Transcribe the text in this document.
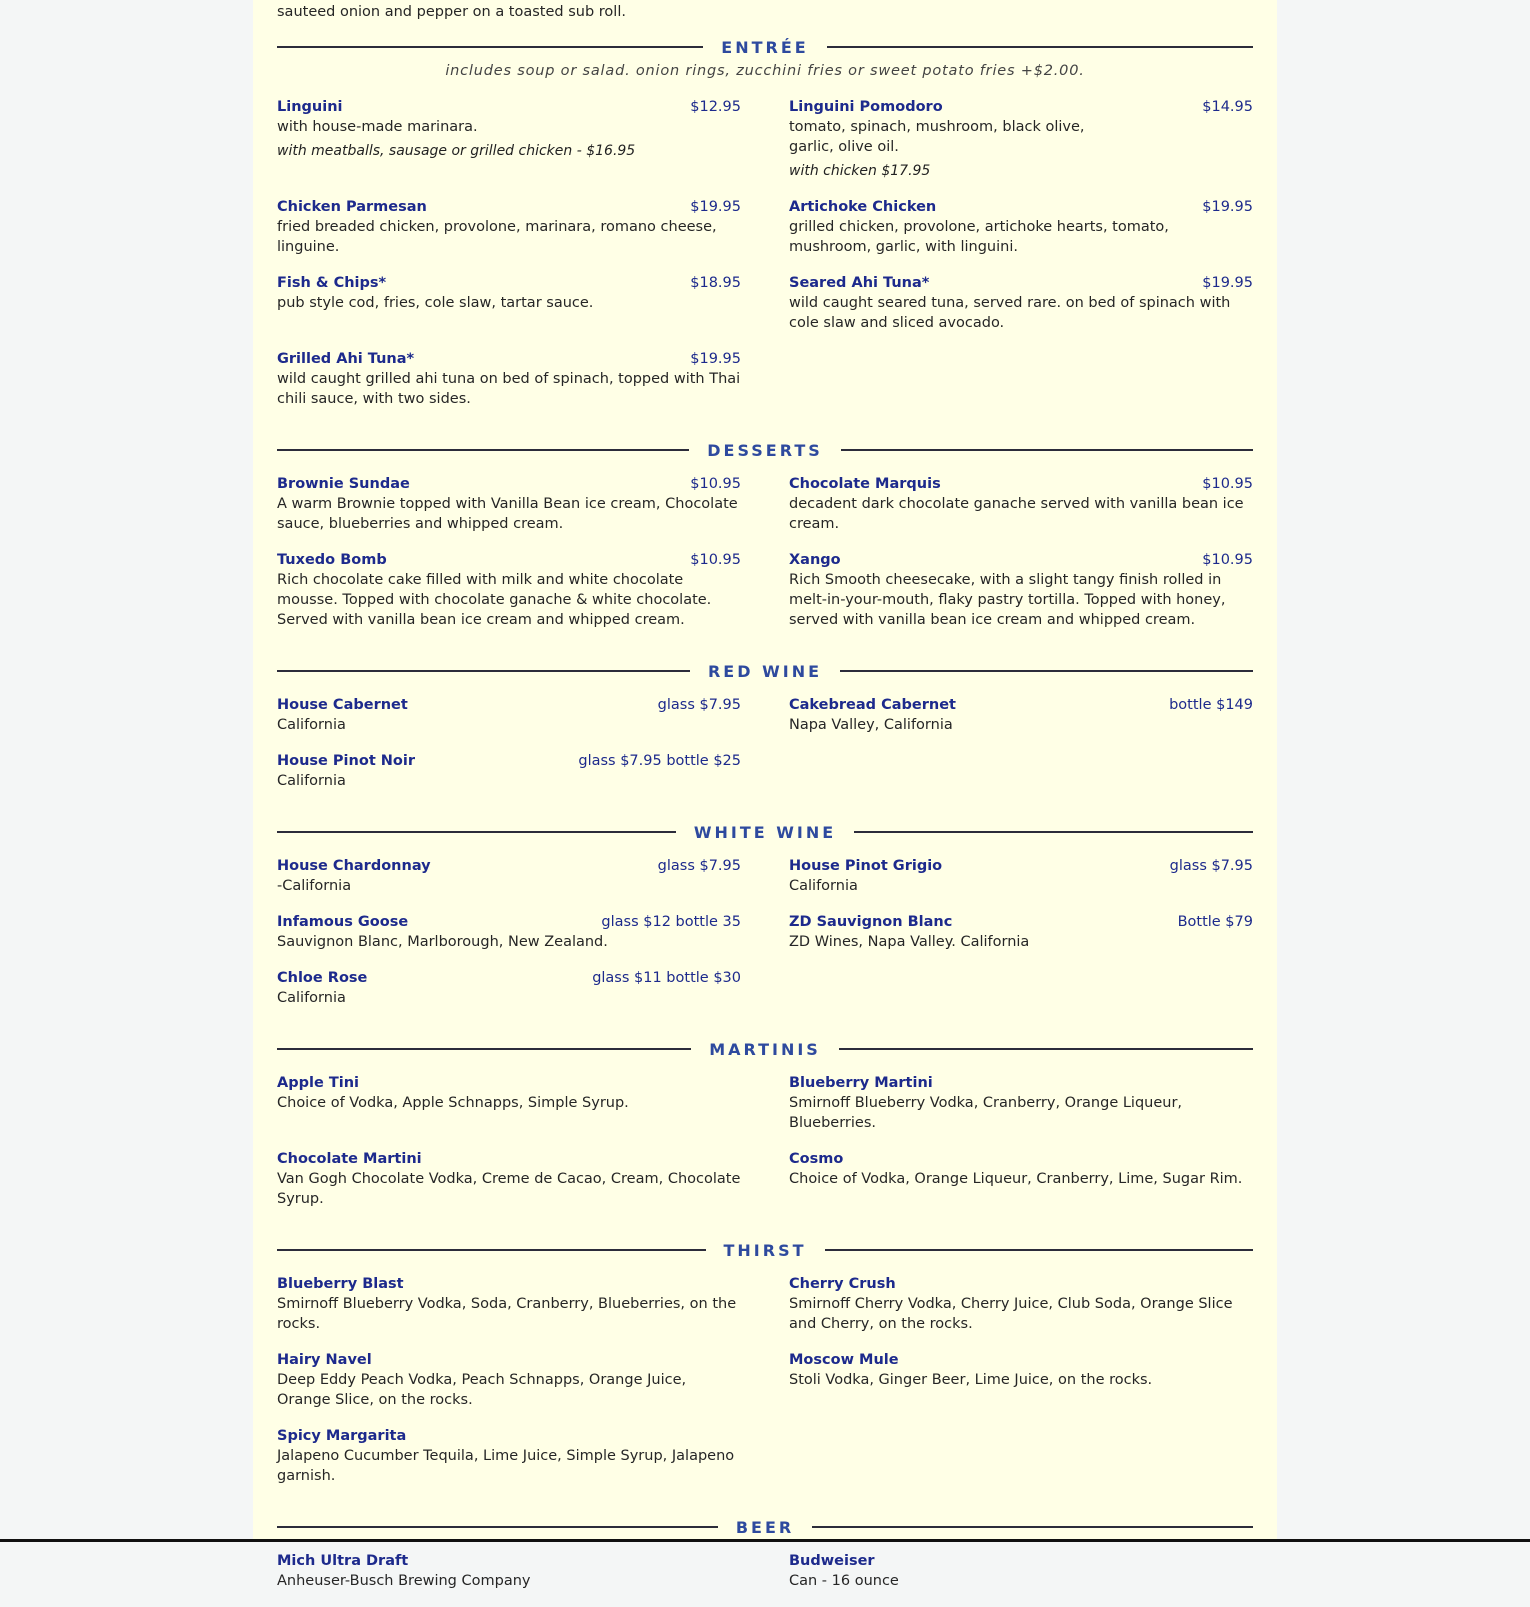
sauteed onion and pepper on a toasted sub roll.
ENTRÉE
includes soup or salad. onion rings, zucchini fries or sweet potato fries +$2.00.
Linguini	$12.95
with house-made marinara.
with meatballs, sausage or grilled chicken - $16.95
Linguini Pomodoro	$14.95
tomato, spinach, mushroom, black olive,
garlic, olive oil.
with chicken $17.95
Chicken Parmesan	$19.95
fried breaded chicken, provolone, marinara, romano cheese, linguine.
Artichoke Chicken	$19.95
grilled chicken, provolone, artichoke hearts, tomato, mushroom, garlic, with linguini.
Fish & Chips*	$18.95
pub style cod, fries, cole slaw, tartar sauce.
Seared Ahi Tuna*	$19.95
wild caught seared tuna, served rare. on bed of spinach with cole slaw and sliced avocado.
Grilled Ahi Tuna*	$19.95
wild caught grilled ahi tuna on bed of spinach, topped with Thai chili sauce, with two sides.
DESSERTS
Brownie Sundae	$10.95
A warm Brownie topped with Vanilla Bean ice cream, Chocolate sauce, blueberries and whipped cream.
Chocolate Marquis	$10.95
decadent dark chocolate ganache served with vanilla bean ice cream.
Tuxedo Bomb	$10.95
Rich chocolate cake filled with milk and white chocolate mousse. Topped with chocolate ganache & white chocolate. Served with vanilla bean ice cream and whipped cream.
Xango	$10.95
Rich Smooth cheesecake, with a slight tangy finish rolled in melt-in-your-mouth, flaky pastry tortilla. Topped with honey, served with vanilla bean ice cream and whipped cream.
RED WINE
House Cabernet	glass $7.95
California
Cakebread Cabernet	bottle $149
Napa Valley, California
House Pinot Noir	glass $7.95 bottle $25
California
WHITE WINE
House Chardonnay	glass $7.95
-California
House Pinot Grigio	glass $7.95
California
Infamous Goose	glass $12 bottle 35
Sauvignon Blanc, Marlborough, New Zealand.
ZD Sauvignon Blanc	Bottle $79
ZD Wines, Napa Valley. California
Chloe Rose	glass $11 bottle $30
California
MARTINIS
Apple Tini
Choice of Vodka, Apple Schnapps, Simple Syrup.
Blueberry Martini
Smirnoff Blueberry Vodka, Cranberry, Orange Liqueur, Blueberries.
Chocolate Martini
Van Gogh Chocolate Vodka, Creme de Cacao, Cream, Chocolate Syrup.
Cosmo
Choice of Vodka, Orange Liqueur, Cranberry, Lime, Sugar Rim.
THIRST
Blueberry Blast
Smirnoff Blueberry Vodka, Soda, Cranberry, Blueberries, on the rocks.
Cherry Crush
Smirnoff Cherry Vodka, Cherry Juice, Club Soda, Orange Slice and Cherry, on the rocks.
Hairy Navel
Deep Eddy Peach Vodka, Peach Schnapps, Orange Juice, Orange Slice, on the rocks.
Moscow Mule
Stoli Vodka, Ginger Beer, Lime Juice, on the rocks.
Spicy Margarita
Jalapeno Cucumber Tequila, Lime Juice, Simple Syrup, Jalapeno garnish.
BEER
Mich Ultra Draft
Anheuser-Busch Brewing Company
Budweiser
Can - 16 ounce
